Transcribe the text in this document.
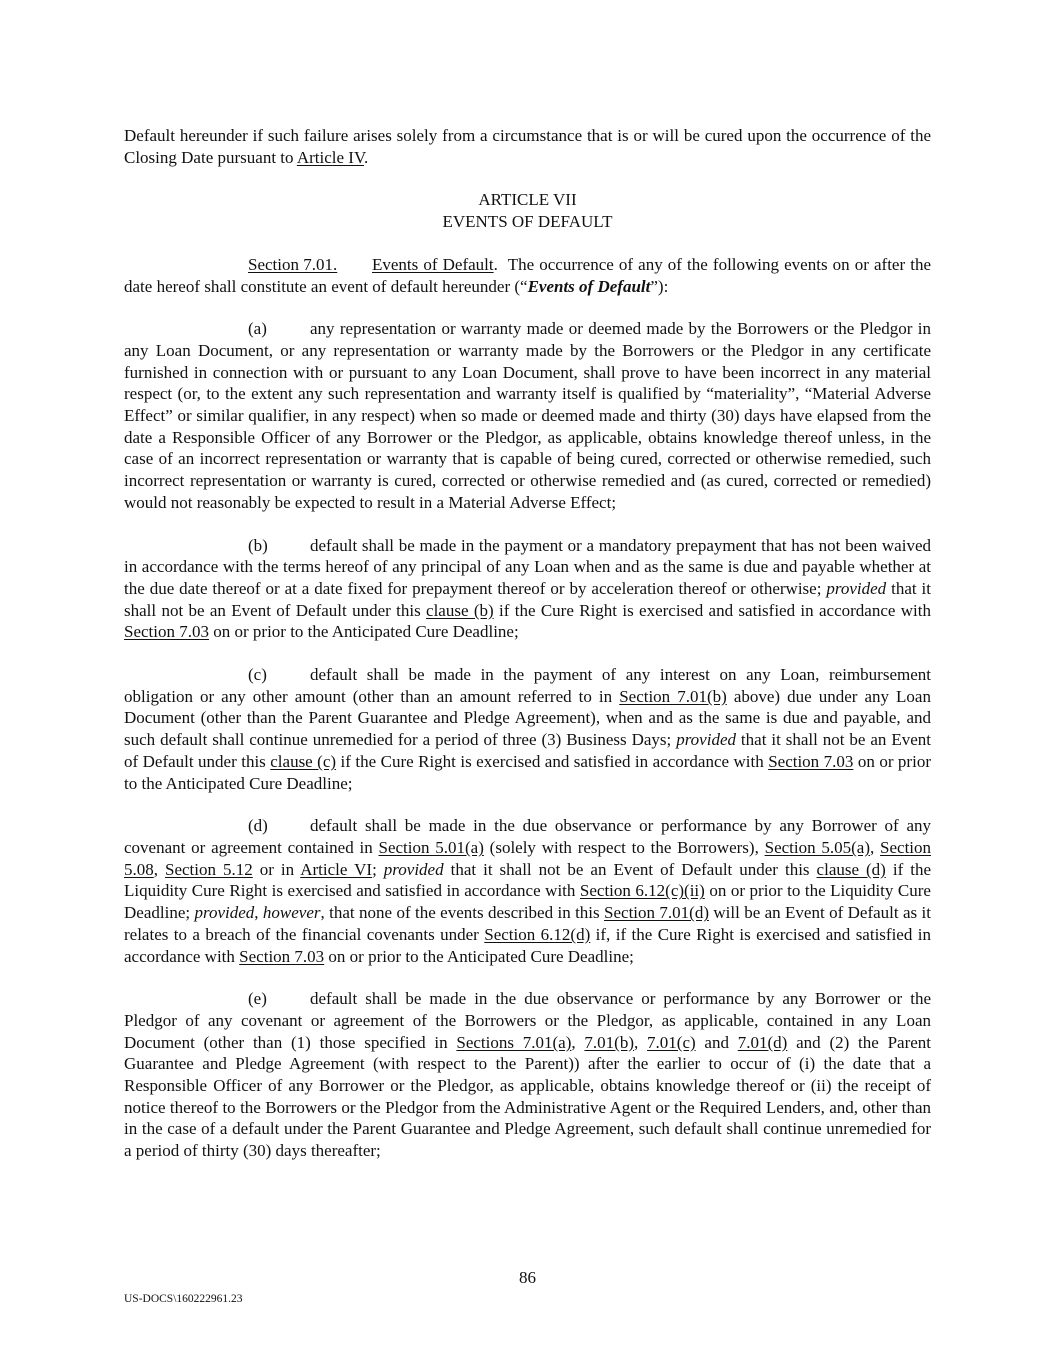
Default hereunder if such failure arises solely from a circumstance that is or will be cured upon the occurrence of the Closing Date pursuant to Article IV.

ARTICLE VII

EVENTS OF DEFAULT

Section 7.01. Events of Default.  The occurrence of any of the following events on or after the date hereof shall constitute an event of default hereunder (“Events of Default”):

(a)	any representation or warranty made or deemed made by the Borrowers or the Pledgor in any Loan Document, or any representation or warranty made by the Borrowers or the Pledgor in any certificate furnished in connection with or pursuant to any Loan Document, shall prove to have been incorrect in any material respect (or, to the extent any such representation and warranty itself is qualified by “materiality”, “Material Adverse Effect” or similar qualifier, in any respect) when so made or deemed made and thirty (30) days have elapsed from the date a Responsible Officer of any Borrower or the Pledgor, as applicable, obtains knowledge thereof unless, in the case of an incorrect representation or warranty that is capable of being cured, corrected or otherwise remedied, such incorrect representation or warranty is cured, corrected or otherwise remedied and (as cured, corrected or remedied) would not reasonably be expected to result in a Material Adverse Effect;

(b) default shall be made in the payment or a mandatory prepayment that has not been waived in accordance with the terms hereof of any principal of any Loan when and as the same is due and payable whether at the due date thereof or at a date fixed for prepayment thereof or by acceleration thereof or otherwise; provided that it shall not be an Event of Default under this clause (b) if the Cure Right is exercised and satisfied in accordance with Section 7.03 on or prior to the Anticipated Cure Deadline;

(c)	default shall be made in the payment of any interest on any Loan, reimbursement obligation or any other amount (other than an amount referred to in Section 7.01(b) above) due under any Loan Document (other than the Parent Guarantee and Pledge Agreement), when and as the same is due and payable, and such default shall continue unremedied for a period of three (3) Business Days; provided that it shall not be an Event of Default under this clause (c) if the Cure Right is exercised and satisfied in accordance with Section 7.03 on or prior to the Anticipated Cure Deadline;

(d) default shall be made in the due observance or performance by any Borrower of any covenant or agreement contained in Section 5.01(a) (solely with respect to the Borrowers), Section 5.05(a), Section 5.08, Section 5.12 or in Article VI; provided that it shall not be an Event of Default under this clause (d) if the Liquidity Cure Right is exercised and satisfied in accordance with Section 6.12(c)(ii) on or prior to the Liquidity Cure Deadline; provided, however, that none of the events described in this Section 7.01(d) will be an Event of Default as it relates to a breach of the financial covenants under Section 6.12(d) if, if the Cure Right is exercised and satisfied in accordance with Section 7.03 on or prior to the Anticipated Cure Deadline;

(e)	default shall be made in the due observance or performance by any Borrower or the Pledgor of any covenant or agreement of the Borrowers or the Pledgor, as applicable, contained in any Loan Document (other than (1) those specified in Sections 7.01(a), 7.01(b), 7.01(c) and 7.01(d) and (2) the Parent Guarantee and Pledge Agreement (with respect to the Parent)) after the earlier to occur of (i) the date that a Responsible Officer of any Borrower or the Pledgor, as applicable, obtains knowledge thereof or (ii) the receipt of notice thereof to the Borrowers or the Pledgor from the Administrative Agent or the Required Lenders, and, other than in the case of a default under the Parent Guarantee and Pledge Agreement, such default shall continue unremedied for a period of thirty (30) days thereafter;

86
US-DOCS\160222961.23
